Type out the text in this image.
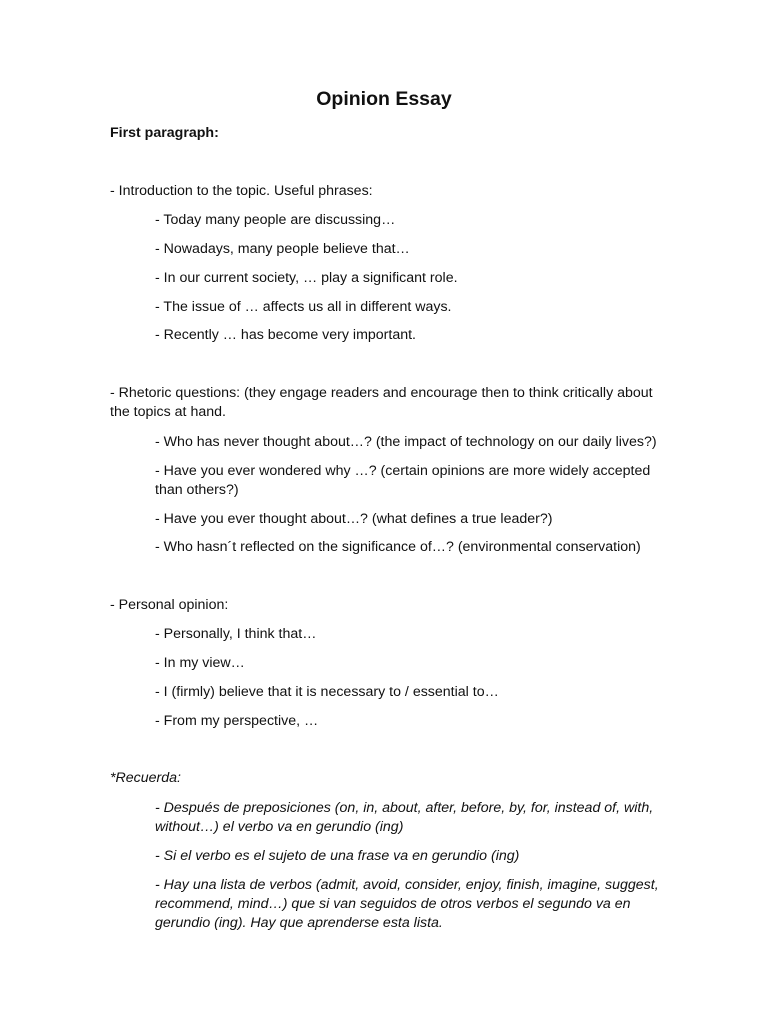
Opinion Essay
First paragraph:
- Introduction to the topic. Useful phrases:
- Today many people are discussing…
- Nowadays, many people believe that…
- In our current society, … play a significant role.
- The issue of … affects us all in different ways.
- Recently … has become very important.
- Rhetoric questions: (they engage readers and encourage then to think critically about
the topics at hand.
- Who has never thought about…? (the impact of technology on our daily lives?)
- Have you ever wondered why …? (certain opinions are more widely accepted
than others?)
- Have you ever thought about…? (what defines a true leader?)
- Who hasn´t reflected on the significance of…? (environmental conservation)
- Personal opinion:
- Personally, I think that…
- In my view…
- I (firmly) believe that it is necessary to / essential to…
- From my perspective, …
*Recuerda:
- Después de preposiciones (on, in, about, after, before, by, for, instead of, with,
without…) el verbo va en gerundio (ing)
- Si el verbo es el sujeto de una frase va en gerundio (ing)
- Hay una lista de verbos (admit, avoid, consider, enjoy, finish, imagine, suggest,
recommend, mind…) que si van seguidos de otros verbos el segundo va en
gerundio (ing). Hay que aprenderse esta lista.
